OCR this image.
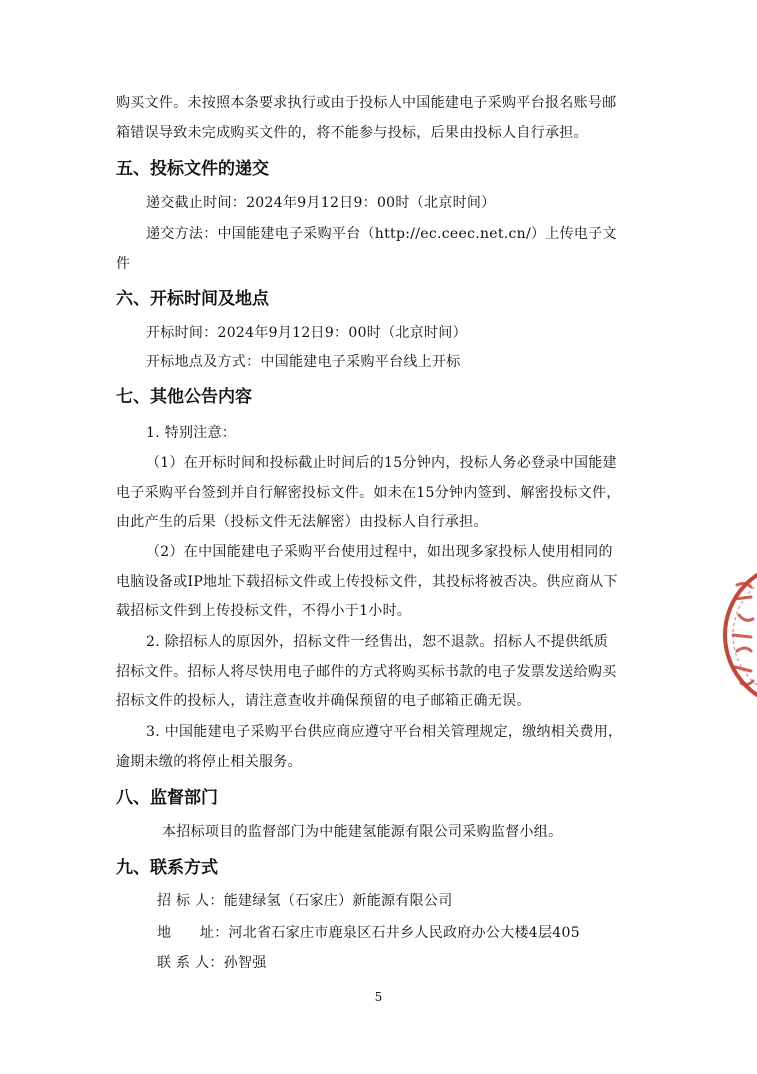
购买文件。未按照本条要求执行或由于投标人中国能建电子采购平台报名账号邮
箱错误导致未完成购买文件的，将不能参与投标，后果由投标人自行承担。
五、投标文件的递交
递交截止时间：2024年9月12日9：00时（北京时间）
递交方法：中国能建电子采购平台（http://ec.ceec.net.cn/）上传电子文
件
六、开标时间及地点
开标时间：2024年9月12日9：00时（北京时间）
开标地点及方式：中国能建电子采购平台线上开标
七、其他公告内容
1. 特别注意：
（1）在开标时间和投标截止时间后的15分钟内，投标人务必登录中国能建
电子采购平台签到并自行解密投标文件。如未在15分钟内签到、解密投标文件，
由此产生的后果（投标文件无法解密）由投标人自行承担。
（2）在中国能建电子采购平台使用过程中，如出现多家投标人使用相同的
电脑设备或IP地址下载招标文件或上传投标文件，其投标将被否决。供应商从下
载招标文件到上传投标文件，不得小于1小时。
2. 除招标人的原因外，招标文件一经售出，恕不退款。招标人不提供纸质
招标文件。招标人将尽快用电子邮件的方式将购买标书款的电子发票发送给购买
招标文件的投标人，请注意查收并确保预留的电子邮箱正确无误。
3. 中国能建电子采购平台供应商应遵守平台相关管理规定，缴纳相关费用，
逾期未缴的将停止相关服务。
八、监督部门
本招标项目的监督部门为中能建氢能源有限公司采购监督小组。
九、联系方式
招 标 人：能建绿氢（石家庄）新能源有限公司
地　　址：河北省石家庄市鹿泉区石井乡人民政府办公大楼4层405
联 系 人：孙智强
5
